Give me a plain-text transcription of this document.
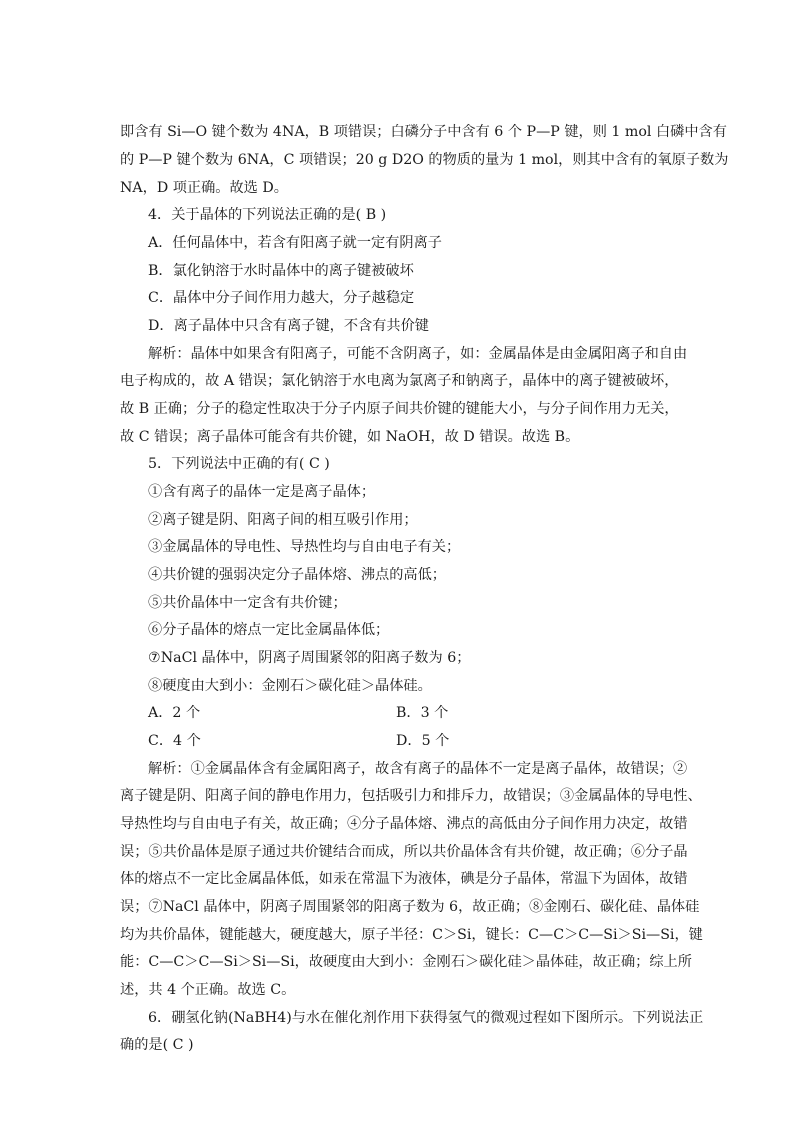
即含有 Si—O 键个数为 4NA，B 项错误；白磷分子中含有 6 个 P—P 键，则 1 mol 白磷中含有
的 P—P 键个数为 6NA，C 项错误；20 g D2O 的物质的量为 1 mol，则其中含有的氧原子数为
NA，D 项正确。故选 D。
4．关于晶体的下列说法正确的是( B )
A．任何晶体中，若含有阳离子就一定有阴离子
B．氯化钠溶于水时晶体中的离子键被破坏
C．晶体中分子间作用力越大，分子越稳定
D．离子晶体中只含有离子键，不含有共价键
解析：晶体中如果含有阳离子，可能不含阴离子，如：金属晶体是由金属阳离子和自由
电子构成的，故 A 错误；氯化钠溶于水电离为氯离子和钠离子，晶体中的离子键被破坏，
故 B 正确；分子的稳定性取决于分子内原子间共价键的键能大小，与分子间作用力无关，
故 C 错误；离子晶体可能含有共价键，如 NaOH，故 D 错误。故选 B。
5．下列说法中正确的有( C )
①含有离子的晶体一定是离子晶体；
②离子键是阴、阳离子间的相互吸引作用；
③金属晶体的导电性、导热性均与自由电子有关；
④共价键的强弱决定分子晶体熔、沸点的高低；
⑤共价晶体中一定含有共价键；
⑥分子晶体的熔点一定比金属晶体低；
⑦NaCl 晶体中，阴离子周围紧邻的阳离子数为 6；
⑧硬度由大到小：金刚石＞碳化硅＞晶体硅。
A．2 个	B．3 个
C．4 个	D．5 个
解析：①金属晶体含有金属阳离子，故含有离子的晶体不一定是离子晶体，故错误；②
离子键是阴、阳离子间的静电作用力，包括吸引力和排斥力，故错误；③金属晶体的导电性、
导热性均与自由电子有关，故正确；④分子晶体熔、沸点的高低由分子间作用力决定，故错
误；⑤共价晶体是原子通过共价键结合而成，所以共价晶体含有共价键，故正确；⑥分子晶
体的熔点不一定比金属晶体低，如汞在常温下为液体，碘是分子晶体，常温下为固体，故错
误；⑦NaCl 晶体中，阴离子周围紧邻的阳离子数为 6，故正确；⑧金刚石、碳化硅、晶体硅
均为共价晶体，键能越大，硬度越大，原子半径：C＞Si，键长：C—C＞C—Si＞Si—Si，键
能：C—C＞C—Si＞Si—Si，故硬度由大到小：金刚石＞碳化硅＞晶体硅，故正确；综上所
述，共 4 个正确。故选 C。
6．硼氢化钠(NaBH4)与水在催化剂作用下获得氢气的微观过程如下图所示。下列说法正
确的是( C )
